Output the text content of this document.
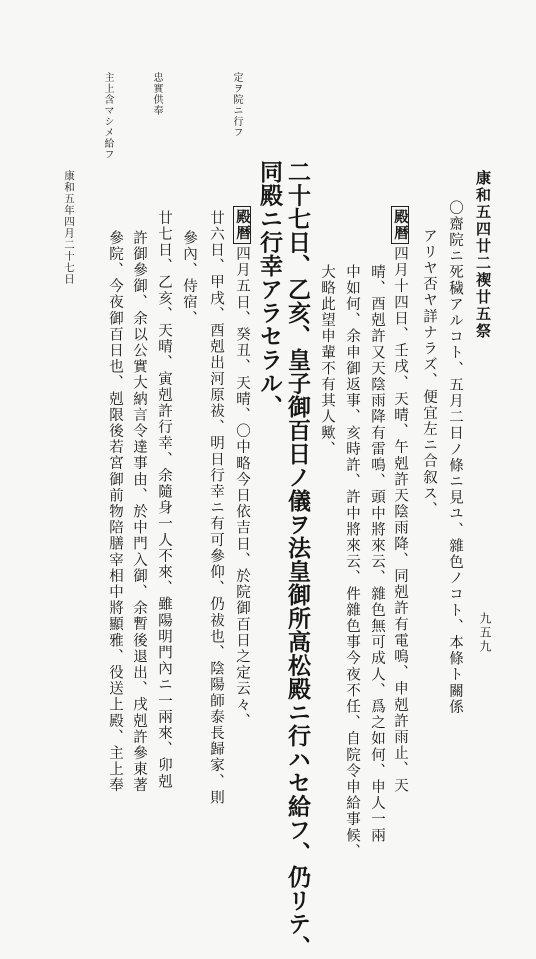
康和五四廿二禊廿五祭
〇齋院ニ死穢アルコト、五月二日ノ條ニ見ユ、雜色ノコト、本條ト關係
アリヤ否ヤ詳ナラズ、便宜左ニ合叙ス、
殿暦四月十四日、壬戌、天晴、午剋許天陰雨降、同剋許有電鳴、申剋許雨止、天
晴、酉剋許又天陰雨降有雷鳴、頭中將來云、雜色無可成人、爲之如何、申人一兩
中如何、余申御返事、亥時許、許中將來云、件雜色事今夜不任、自院令申給事候、
大略此望申輩不有其人歟、
二十七日、乙亥、皇子御百日ノ儀ヲ法皇御所高松殿ニ行ハセ給フ、仍リテ、
同殿ニ行幸アラセラル、
殿暦四月五日、癸丑、天晴、〇中略今日依吉日、於院御百日之定云々、
廿六日、甲戌、酉剋出河原祓、明日行幸ニ有可參仰、仍祓也、陰陽師泰長歸家、則
參內、侍宿、
廿七日、乙亥、天晴、寅剋許行幸、余隨身一人不來、雖陽明門內ニ一兩來、卯剋
許御參御、余以公實大納言令達事由、於中門入御、余暫後退出、戌剋許參東著
參院、今夜御百日也、剋限後若宮御前物陪膳宰相中將顯雅、役送上殿、主上奉
定ヲ院ニ行フ
忠實供奉
主上含マシメ給フ
康和五年四月二十七日
九五九
